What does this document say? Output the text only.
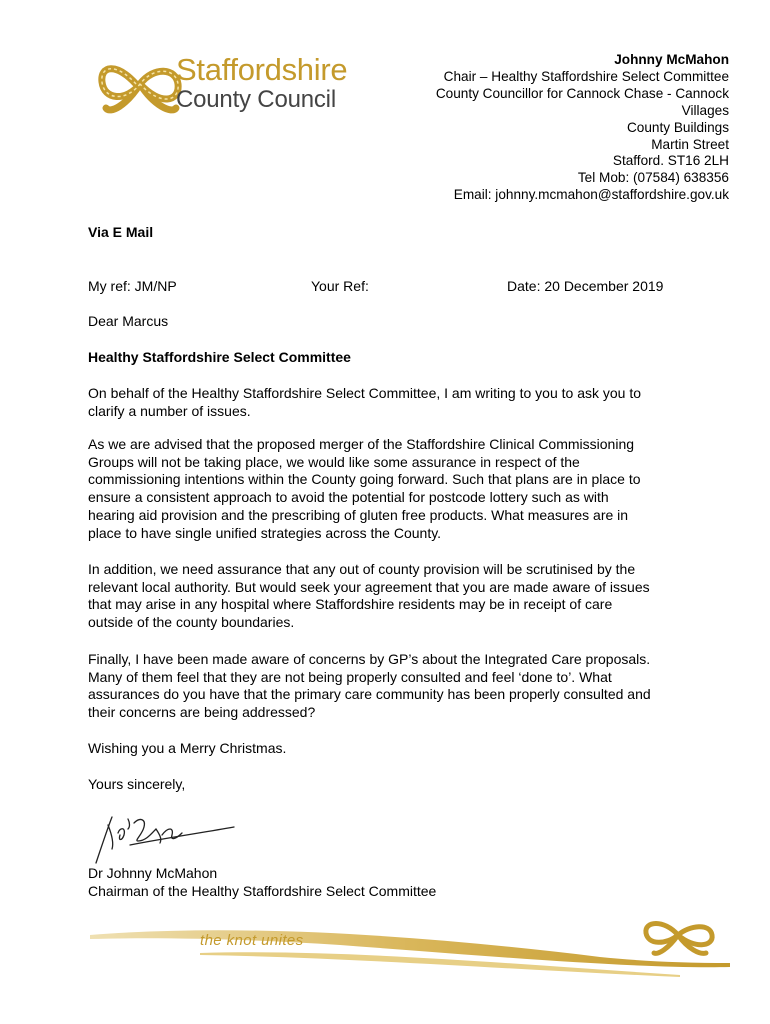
Staffordshire
County Council
Johnny McMahon
Chair – Healthy Staffordshire Select Committee
County Councillor for Cannock Chase - Cannock
Villages
County Buildings
Martin Street
Stafford. ST16 2LH
Tel Mob: (07584) 638356
Email: johnny.mcmahon@staffordshire.gov.uk
Via E Mail
My ref: JM/NP	Your Ref:	Date: 20 December 2019
Dear Marcus
Healthy Staffordshire Select Committee
On behalf of the Healthy Staffordshire Select Committee, I am writing to you to ask you to
clarify a number of issues.
As we are advised that the proposed merger of the Staffordshire Clinical Commissioning
Groups will not be taking place, we would like some assurance in respect of the
commissioning intentions within the County going forward. Such that plans are in place to
ensure a consistent approach to avoid the potential for postcode lottery such as with
hearing aid provision and the prescribing of gluten free products. What measures are in
place to have single unified strategies across the County.
In addition, we need assurance that any out of county provision will be scrutinised by the
relevant local authority. But would seek your agreement that you are made aware of issues
that may arise in any hospital where Staffordshire residents may be in receipt of care
outside of the county boundaries.
Finally, I have been made aware of concerns by GP’s about the Integrated Care proposals.
Many of them feel that they are not being properly consulted and feel ‘done to’. What
assurances do you have that the primary care community has been properly consulted and
their concerns are being addressed?
Wishing you a Merry Christmas.
Yours sincerely,
Dr Johnny McMahon
Chairman of the Healthy Staffordshire Select Committee
the knot unites
